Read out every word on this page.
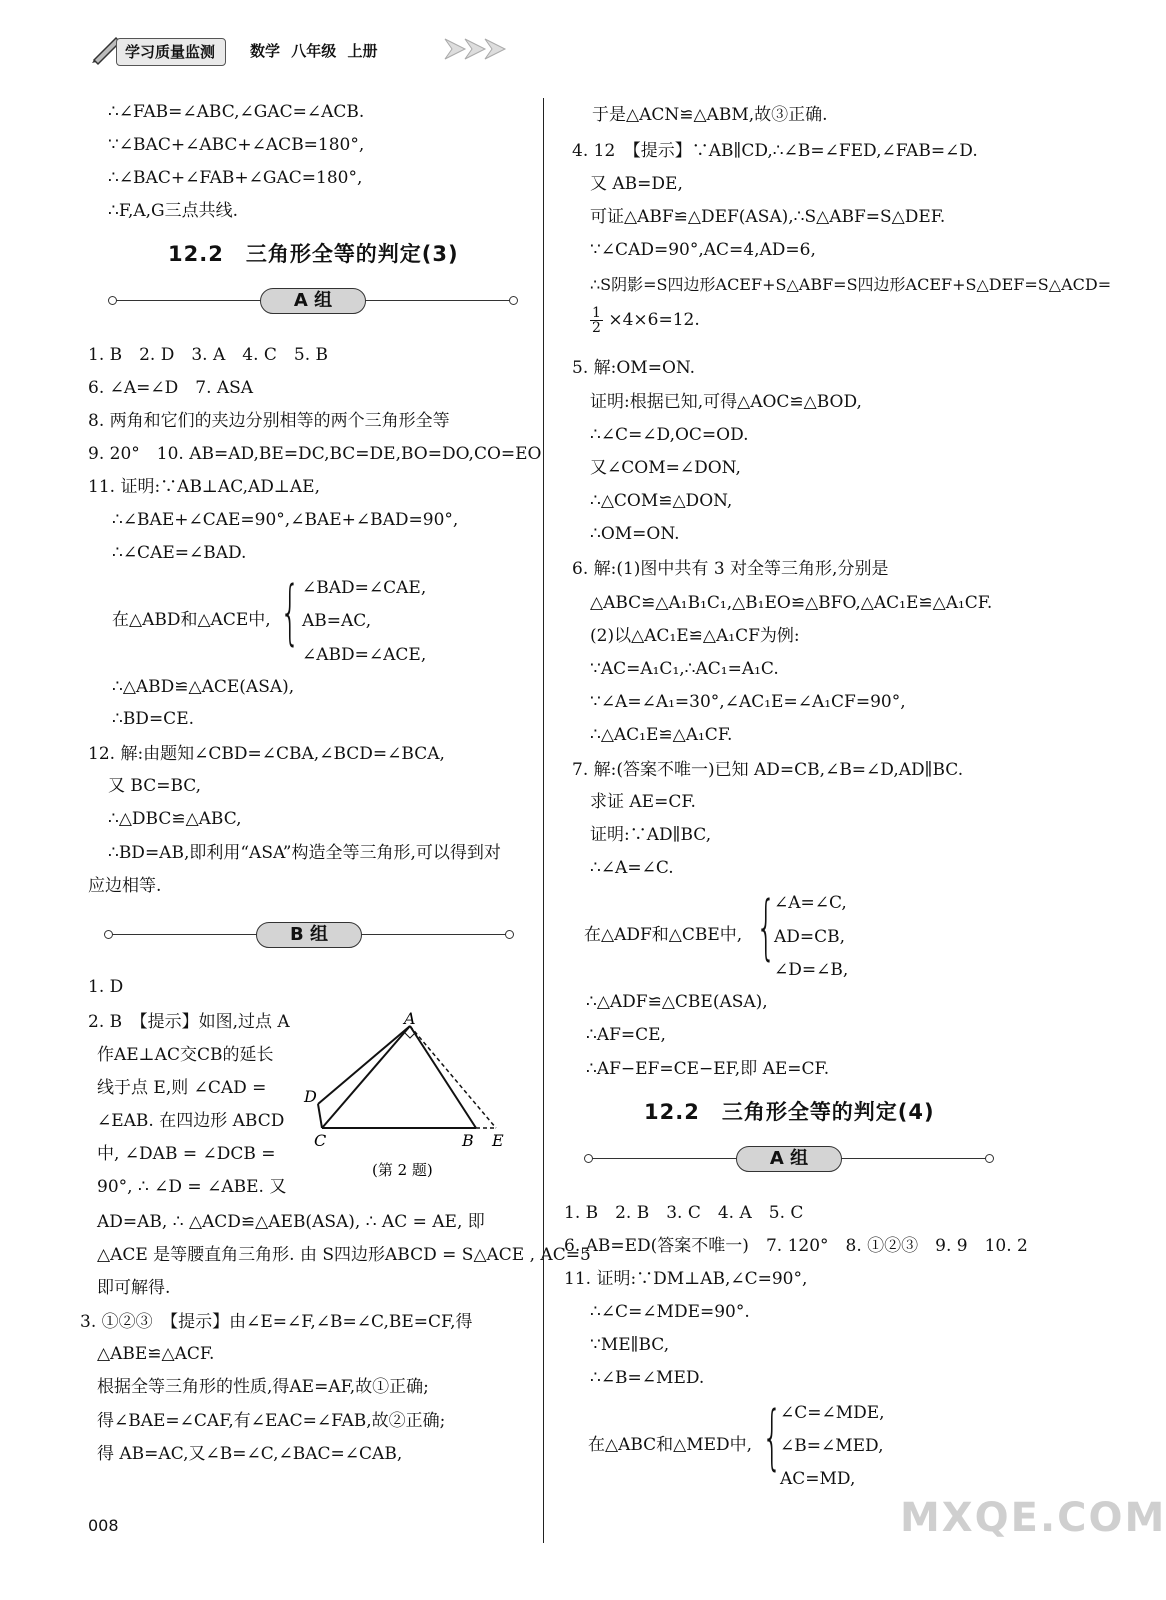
学习质量监测	数学 八年级 上册
∴∠FAB=∠ABC,∠GAC=∠ACB.
∵∠BAC+∠ABC+∠ACB=180°,
∴∠BAC+∠FAB+∠GAC=180°,
∴F,A,G三点共线.
12.2　三角形全等的判定(3)
A 组
1. B　2. D　3. A　4. C　5. B
6. ∠A=∠D　7. ASA
8. 两角和它们的夹边分别相等的两个三角形全等
9. 20°　10. AB=AD,BE=DC,BC=DE,BO=DO,CO=EO
11. 证明:∵AB⊥AC,AD⊥AE,
∴∠BAE+∠CAE=90°,∠BAE+∠BAD=90°,
∴∠CAE=∠BAD.
在△ABD和△ACE中, { ∠BAD=∠CAE,
AB=AC,
∠ABD=∠ACE,
∴△ABD≌△ACE(ASA),
∴BD=CE.
12. 解:由题知∠CBD=∠CBA,∠BCD=∠BCA,
又 BC=BC,
∴△DBC≌△ABC,
∴BD=AB,即利用“ASA”构造全等三角形,可以得到对
应边相等.
B 组
1. D
2. B　【提示】如图,过点 A
作AE⊥AC交CB的延长
线于点 E,则 ∠CAD =
∠EAB. 在四边形 ABCD
中, ∠DAB = ∠DCB =
90°, ∴ ∠D = ∠ABE. 又
A
D
C	B E
(第 2 题)
AD=AB, ∴ △ACD≌△AEB(ASA), ∴ AC = AE, 即
△ACE 是等腰直角三角形. 由 S四边形ABCD = S△ACE , AC=5
即可解得.
3. ①②③　【提示】由∠E=∠F,∠B=∠C,BE=CF,得
△ABE≌△ACF.
根据全等三角形的性质,得AE=AF,故①正确;
得∠BAE=∠CAF,有∠EAC=∠FAB,故②正确;
得 AB=AC,又∠B=∠C,∠BAC=∠CAB,
于是△ACN≌△ABM,故③正确.
4. 12　【提示】∵AB∥CD,∴∠B=∠FED,∠FAB=∠D.
又 AB=DE,
可证△ABF≌△DEF(ASA),∴S△ABF=S△DEF.
∵∠CAD=90°,AC=4,AD=6,
∴S阴影=S四边形ACEF+S△ABF=S四边形ACEF+S△DEF=S△ACD=
$\frac{1}{2} \times 4\times 6=12$.
5. 解:OM=ON.
证明:根据已知,可得△AOC≌△BOD,
∴∠C=∠D,OC=OD.
又∠COM=∠DON,
∴△COM≌△DON,
∴OM=ON.
6. 解:(1)图中共有 3 对全等三角形,分别是
△ABC≌△A₁B₁C₁,△B₁EO≌△BFO,△AC₁E≌△A₁CF.
(2)以△AC₁E≌△A₁CF为例:
∵AC=A₁C₁,∴AC₁=A₁C.
∵∠A=∠A₁=30°,∠AC₁E=∠A₁CF=90°,
∴△AC₁E≌△A₁CF.
7. 解:(答案不唯一)已知 AD=CB,∠B=∠D,AD∥BC.
求证 AE=CF.
证明:∵AD∥BC,
∴∠A=∠C.
在△ADF和△CBE中, {
∠A=∠C,
AD=CB,
∠D=∠B,
∴△ADF≌△CBE(ASA),
∴AF=CE,
∴AF−EF=CE−EF,即 AE=CF.
12.2　三角形全等的判定(4)
A 组
1. B　2. B　3. C　4. A　5. C
6. AB=ED(答案不唯一)　7. 120°　8. ①②③　9. 9　10. 2
11. 证明:∵DM⊥AB,∠C=90°,
∴∠C=∠MDE=90°.
∵ME∥BC,
∴∠B=∠MED.
在△ABC和△MED中, {
∠C=∠MDE,
∠B=∠MED,
AC=MD,
008	MXQE.COM
